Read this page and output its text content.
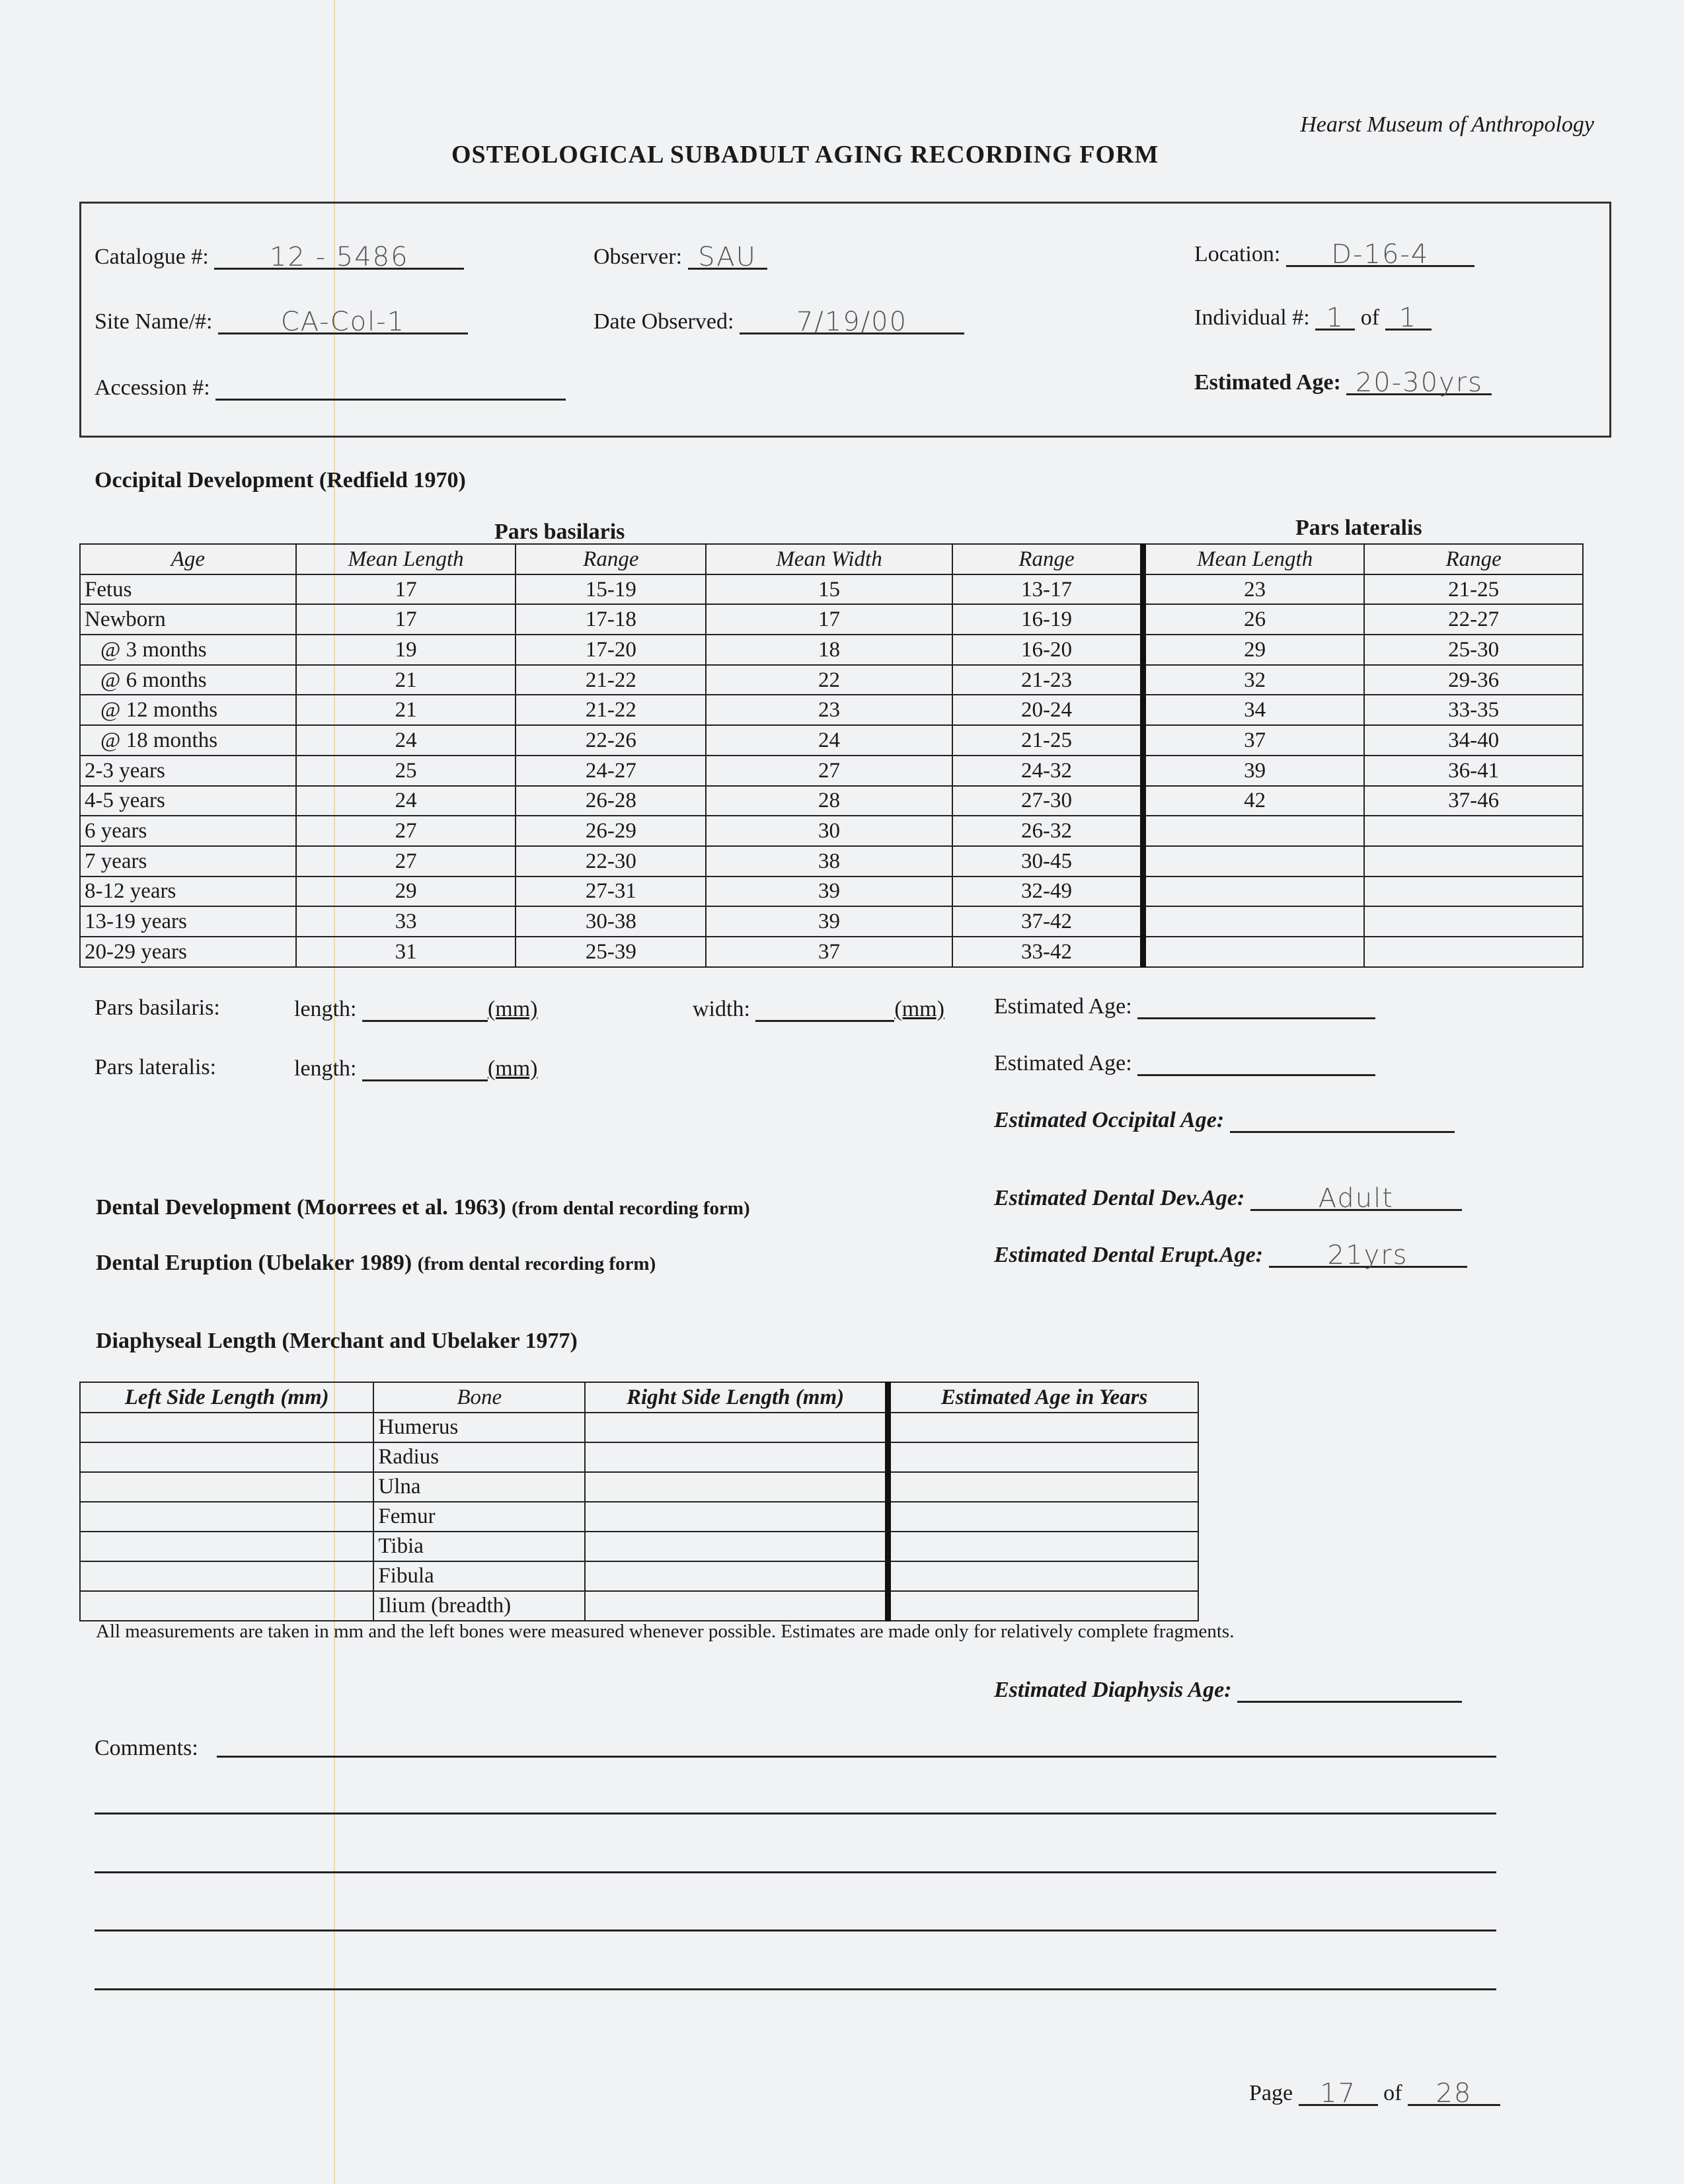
Hearst Museum of Anthropology
OSTEOLOGICAL SUBADULT AGING RECORDING FORM
Catalogue #: 12 - 5486	Observer: SAU	Location: D-16-4
Site Name/#:	CA-Col-1	Date Observed: 7/19/00	Individual #: 1 of 1
Accession #:	Estimated Age: 20-30yrs
Occipital Development (Redfield 1970)
Pars basilaris	Pars lateralis
Age	Mean Length	Range	Mean Width	Range	Mean Length	Range
Fetus	17	15-19	15	13-17	23	21-25
Newborn	17	17-18	17	16-19	26	22-27
@ 3 months	19	17-20	18	16-20	29	25-30
@ 6 months	21	21-22	22	21-23	32	29-36
@ 12 months	21	21-22	23	20-24	34	33-35
@ 18 months	24	22-26	24	21-25	37	34-40
2-3 years	25	24-27	27	24-32	39	36-41
4-5 years	24	26-28	28	27-30	42	37-46
6 years	27	26-29	30	26-32		
7 years	27	22-30	38	30-45		
8-12 years	29	27-31	39	32-49		
13-19 years	33	30-38	39	37-42		
20-29 years	31	25-39	37	33-42		
Pars basilaris:	length:	(mm)	width:	(mm) Estimated Age:
Pars lateralis:	length:	(mm)	Estimated Age:
Estimated Occipital Age:
Dental Development (Moorrees et al. 1963) (from dental recording form)
Dental Eruption (Ubelaker 1989) (from dental recording form)
Estimated Dental Dev.Age:	Adult
Estimated Dental Erupt.Age: 21yrs
Diaphyseal Length (Merchant and Ubelaker 1977)
Left Side Length (mm)	Bone	Right Side Length (mm)	Estimated Age in Years
	Humerus		
	Radius		
	Ulna		
	Femur		
	Tibia		
	Fibula		
	Ilium (breadth)		
All measurements are taken in mm and the left bones were measured whenever possible. Estimates are made only for relatively complete fragments.
Estimated Diaphysis Age:
Comments:
Page 17 of 28
